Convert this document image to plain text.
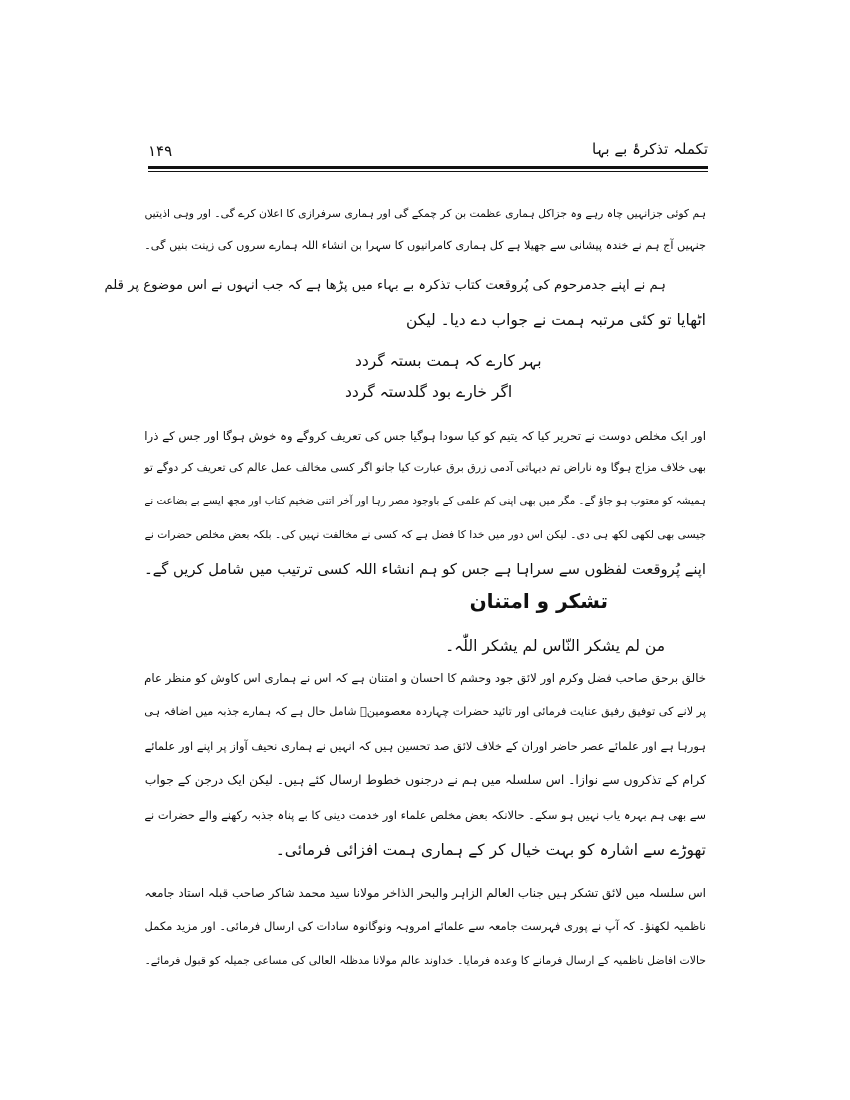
۱۴۹	تکملہ تذکرۂ بے بہا
ہم کوئی جزانہیں چاہ رہے وہ جزاکل ہماری عظمت بن کر چمکے گی اور ہماری سرفرازی کا اعلان کرے گی۔ اور وہی اذیتیں
جنہیں آج ہم نے خندہ پیشانی سے جھیلا ہے کل ہماری کامرانیوں کا سہرا بن انشاء اللہ ہمارے سروں کی زینت بنیں گی۔
ہم نے اپنے جدمرحوم کی پُروقعت کتاب تذکرہ بے بہاء میں پڑھا ہے کہ جب انہوں نے اس موضوع پر قلم
اٹھایا تو کئی مرتبہ ہمت نے جواب دے دیا۔ لیکن
بہر کارے کہ ہمت بستہ گردد
اگر خارے بود گلدستہ گردد
اور ایک مخلص دوست نے تحریر کیا کہ یتیم کو کیا سودا ہوگیا جس کی تعریف کروگے وہ خوش ہوگا اور جس کے ذرا
بھی خلاف مزاج ہوگا وہ ناراض تم دیہاتی آدمی زرق برق عبارت کیا جانو اگر کسی مخالف عمل عالم کی تعریف کر دوگے تو
ہمیشہ کو معتوب ہو جاؤ گے۔ مگر میں بھی اپنی کم علمی کے باوجود مصر رہا اور آخر اتنی ضخیم کتاب اور مجھ ایسے بے بضاعت نے
جیسی بھی لکھی لکھ ہی دی۔ لیکن اس دور میں خدا کا فضل ہے کہ کسی نے مخالفت نہیں کی۔ بلکہ بعض مخلص حضرات نے
اپنے پُروقعت لفظوں سے سراہا ہے جس کو ہم انشاء اللہ کسی ترتیب میں شامل کریں گے۔
تشکر و امتنان
من لم یشکر النّاس لم یشکر اللّٰہ۔
خالق برحق صاحب فضل وکرم اور لائق جود وحشم کا احسان و امتنان ہے کہ اس نے ہماری اس کاوش کو منظر عام
پر لانے کی توفیق رفیق عنایت فرمائی اور تائید حضرات چہاردہ معصومینؑ شامل حال ہے کہ ہمارے جذبہ میں اضافہ ہی
ہورہا ہے اور علمائے عصر حاضر اوران کے خلاف لائق صد تحسین ہیں کہ انہیں نے ہماری نحیف آواز پر اپنے اور علمائے
کرام کے تذکروں سے نوازا۔ اس سلسلہ میں ہم نے درجنوں خطوط ارسال کئے ہیں۔ لیکن ایک درجن کے جواب
سے بھی ہم بہرہ یاب نہیں ہو سکے۔ حالانکہ بعض مخلص علماء اور خدمت دینی کا بے پناہ جذبہ رکھنے والے حضرات نے
تھوڑے سے اشارہ کو بہت خیال کر کے ہماری ہمت افزائی فرمائی۔
اس سلسلہ میں لائق تشکر ہیں جناب العالم الزاہر والبحر الذاخر مولانا سید محمد شاکر صاحب قبلہ استاد جامعہ
ناظمیہ لکھنؤ۔ کہ آپ نے پوری فہرست جامعہ سے علمائے امروہہ ونوگانوہ سادات کی ارسال فرمائی۔ اور مزید مکمل
حالات افاضل ناظمیہ کے ارسال فرمانے کا وعدہ فرمایا۔ خداوند عالم مولانا مدظلہ العالی کی مساعی جمیلہ کو قبول فرمائے۔
